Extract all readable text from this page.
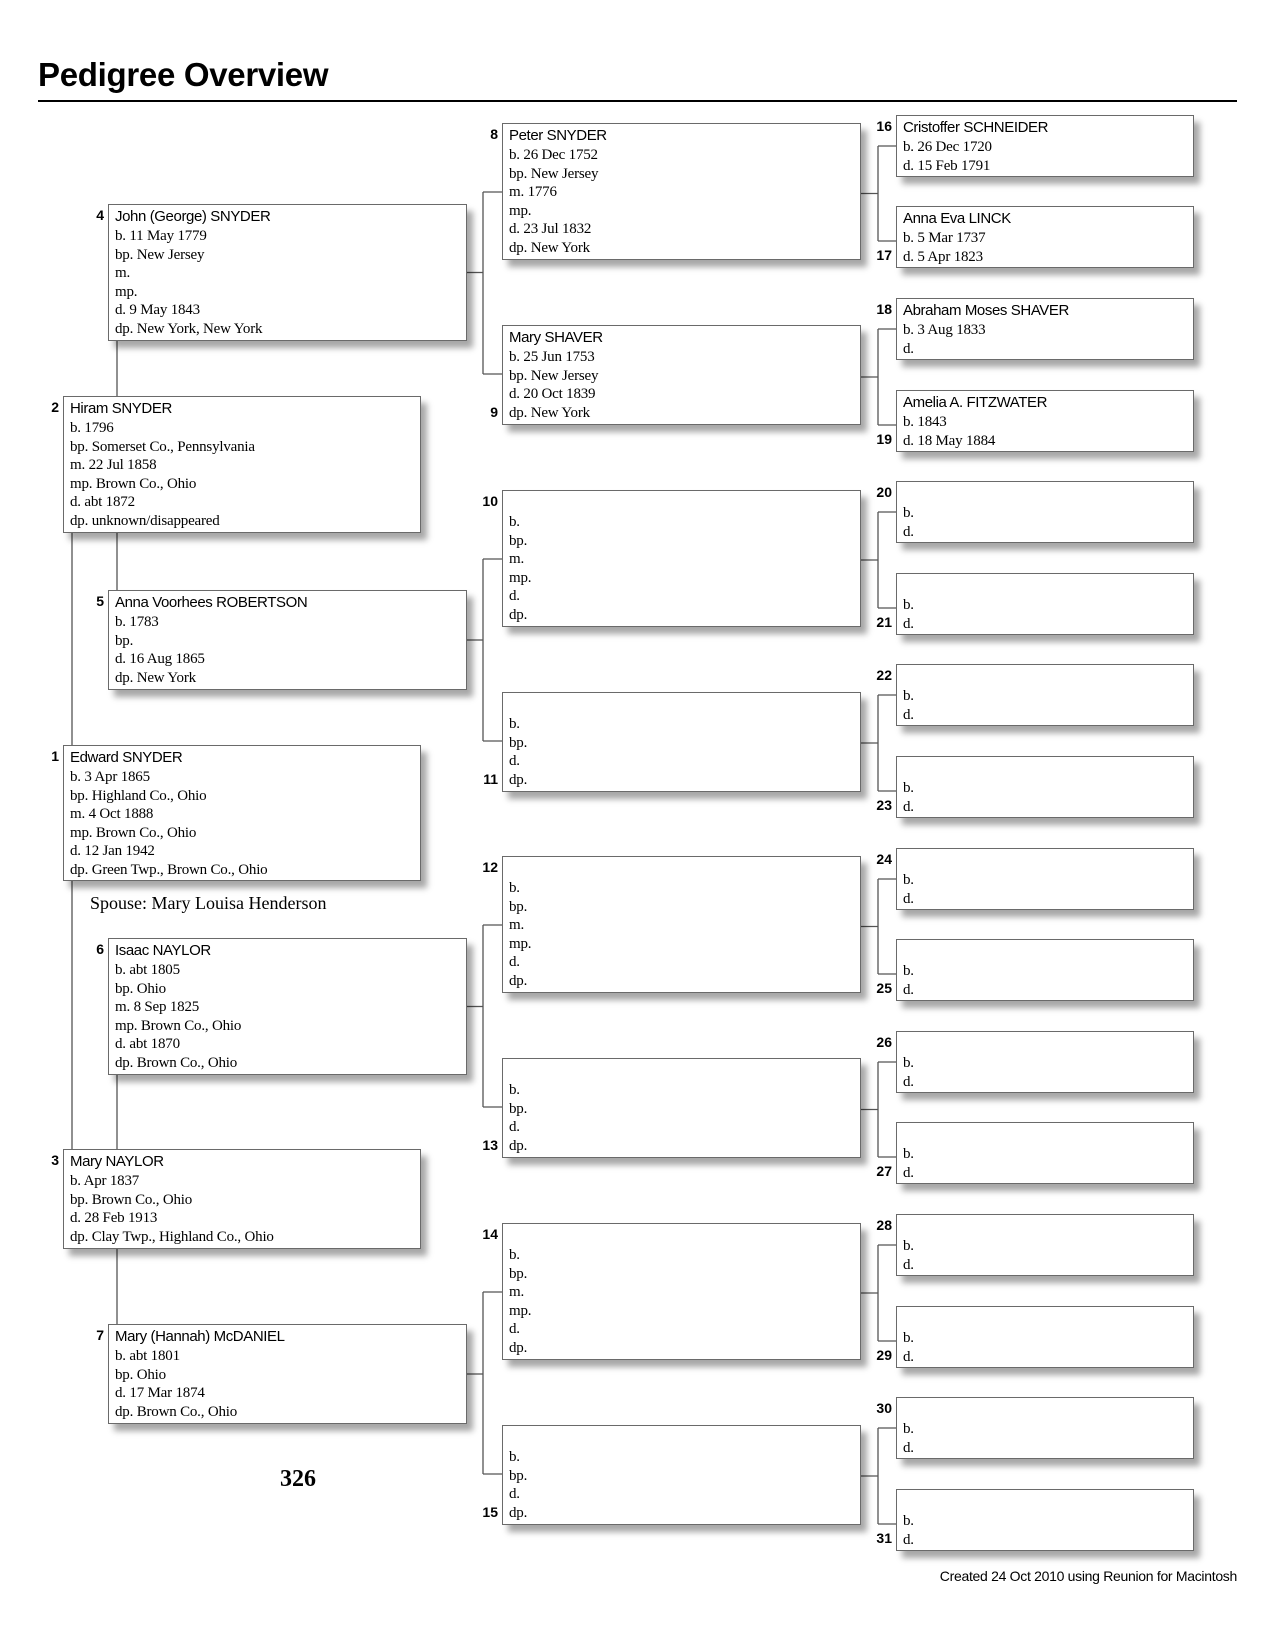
Pedigree Overview
Edward SNYDER
b. 3 Apr 1865
bp. Highland Co., Ohio
m. 4 Oct 1888
mp. Brown Co., Ohio
d. 12 Jan 1942
dp. Green Twp., Brown Co., Ohio
1
Hiram SNYDER
b. 1796
bp. Somerset Co., Pennsylvania
m. 22 Jul 1858
mp. Brown Co., Ohio
d. abt 1872
dp. unknown/disappeared
2
Mary NAYLOR
b. Apr 1837
bp. Brown Co., Ohio
d. 28 Feb 1913
dp. Clay Twp., Highland Co., Ohio
3
John (George) SNYDER
b. 11 May 1779
bp. New Jersey
m.
mp.
d. 9 May 1843
dp. New York, New York
4
Anna Voorhees ROBERTSON
b. 1783
bp.
d. 16 Aug 1865
dp. New York
5
Isaac NAYLOR
b. abt 1805
bp. Ohio
m. 8 Sep 1825
mp. Brown Co., Ohio
d. abt 1870
dp. Brown Co., Ohio
6
Mary (Hannah) McDANIEL
b. abt 1801
bp. Ohio
d. 17 Mar 1874
dp. Brown Co., Ohio
7
Peter SNYDER
b. 26 Dec 1752
bp. New Jersey
m. 1776
mp.
d. 23 Jul 1832
dp. New York
8
Mary SHAVER
b. 25 Jun 1753
bp. New Jersey
d. 20 Oct 1839
dp. New York
9
b.
bp.
m.
mp.
d.
dp.
10
b.
bp.
d.
dp.
11
b.
bp.
m.
mp.
d.
dp.
12
b.
bp.
d.
dp.
13
b.
bp.
m.
mp.
d.
dp.
14
b.
bp.
d.
dp.
15
Cristoffer SCHNEIDER
b. 26 Dec 1720
d. 15 Feb 1791
16
Anna Eva LINCK
b. 5 Mar 1737
d. 5 Apr 1823
17
Abraham Moses SHAVER
b. 3 Aug 1833
d.
18
Amelia A. FITZWATER
b. 1843
d. 18 May 1884
19
b.
d.
20
b.
d.
21
b.
d.
22
b.
d.
23
b.
d.
24
b.
d.
25
b.
d.
26
b.
d.
27
b.
d.
28
b.
d.
29
b.
d.
30
b.
d.
31
Spouse: Mary Louisa Henderson
326
Created 24 Oct 2010 using Reunion for Macintosh
